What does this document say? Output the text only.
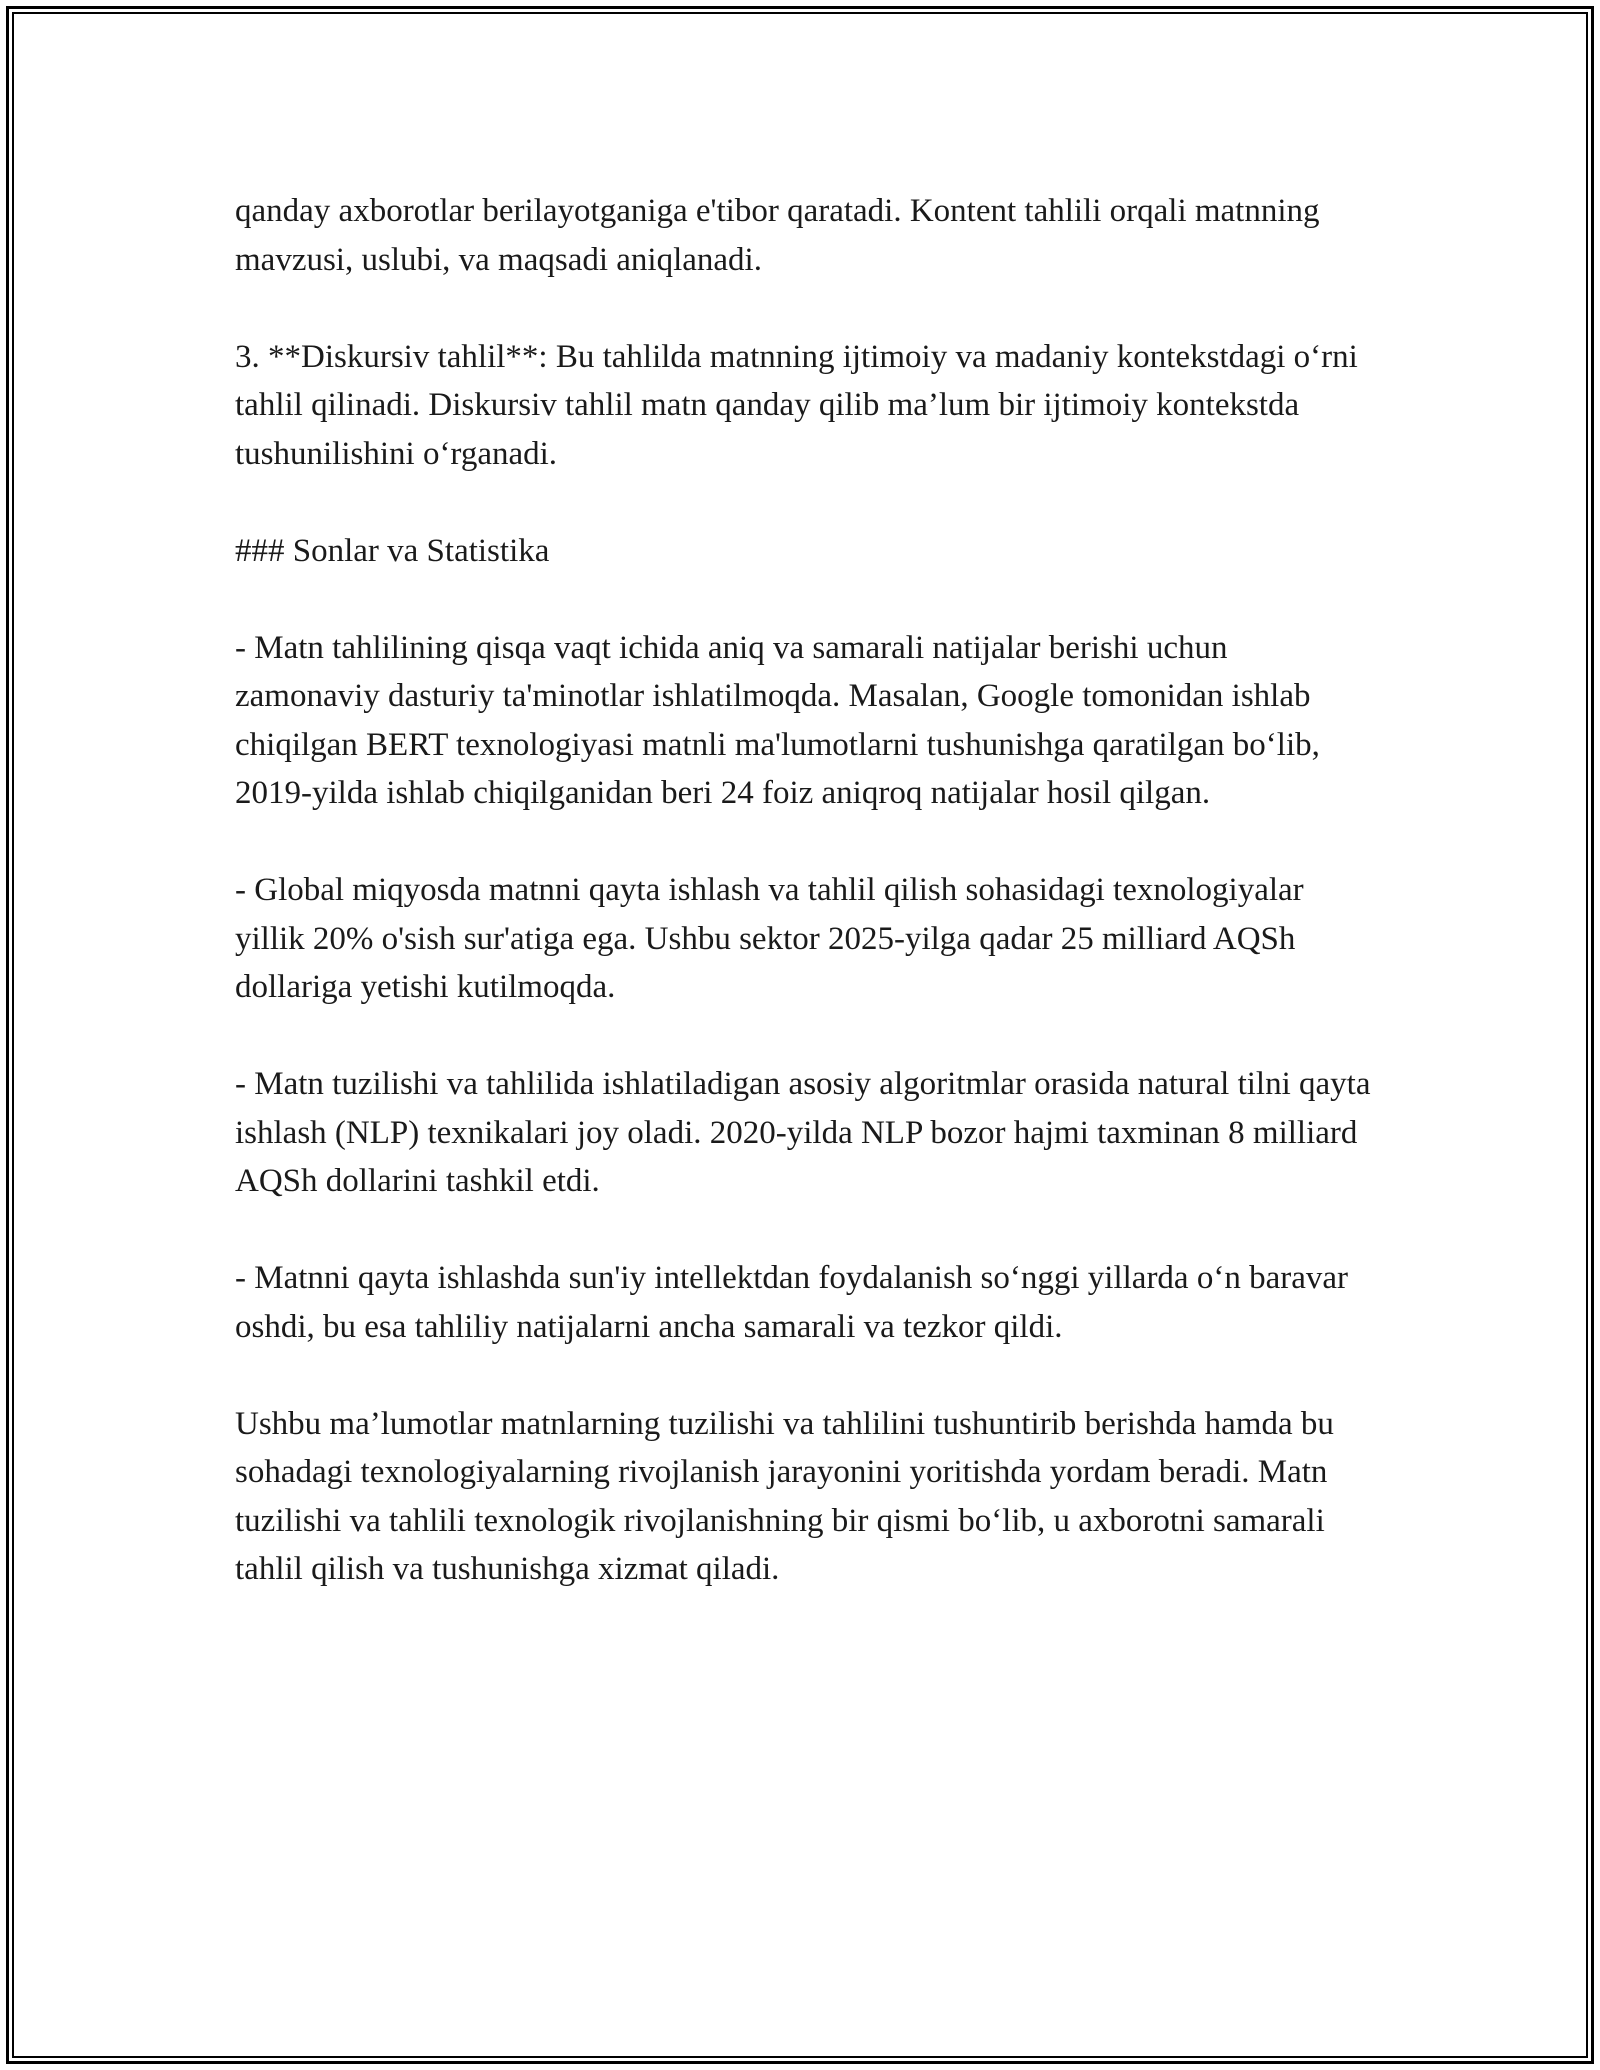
qanday axborotlar berilayotganiga e'tibor qaratadi. Kontent tahlili orqali matnning mavzusi, uslubi, va maqsadi aniqlanadi.

3. **Diskursiv tahlil**: Bu tahlilda matnning ijtimoiy va madaniy kontekstdagi o‘rni tahlil qilinadi. Diskursiv tahlil matn qanday qilib ma’lum bir ijtimoiy kontekstda tushunilishini o‘rganadi.

### Sonlar va Statistika

- Matn tahlilining qisqa vaqt ichida aniq va samarali natijalar berishi uchun zamonaviy dasturiy ta'minotlar ishlatilmoqda. Masalan, Google tomonidan ishlab chiqilgan BERT texnologiyasi matnli ma'lumotlarni tushunishga qaratilgan bo‘lib, 2019-yilda ishlab chiqilganidan beri 24 foiz aniqroq natijalar hosil qilgan.

- Global miqyosda matnni qayta ishlash va tahlil qilish sohasidagi texnologiyalar yillik 20% o'sish sur'atiga ega. Ushbu sektor 2025-yilga qadar 25 milliard AQSh dollariga yetishi kutilmoqda.

- Matn tuzilishi va tahlilida ishlatiladigan asosiy algoritmlar orasida natural tilni qayta ishlash (NLP) texnikalari joy oladi. 2020-yilda NLP bozor hajmi taxminan 8 milliard AQSh dollarini tashkil etdi.

- Matnni qayta ishlashda sun'iy intellektdan foydalanish so‘nggi yillarda o‘n baravar oshdi, bu esa tahliliy natijalarni ancha samarali va tezkor qildi.

Ushbu ma’lumotlar matnlarning tuzilishi va tahlilini tushuntirib berishda hamda bu sohadagi texnologiyalarning rivojlanish jarayonini yoritishda yordam beradi. Matn tuzilishi va tahlili texnologik rivojlanishning bir qismi bo‘lib, u axborotni samarali tahlil qilish va tushunishga xizmat qiladi.
